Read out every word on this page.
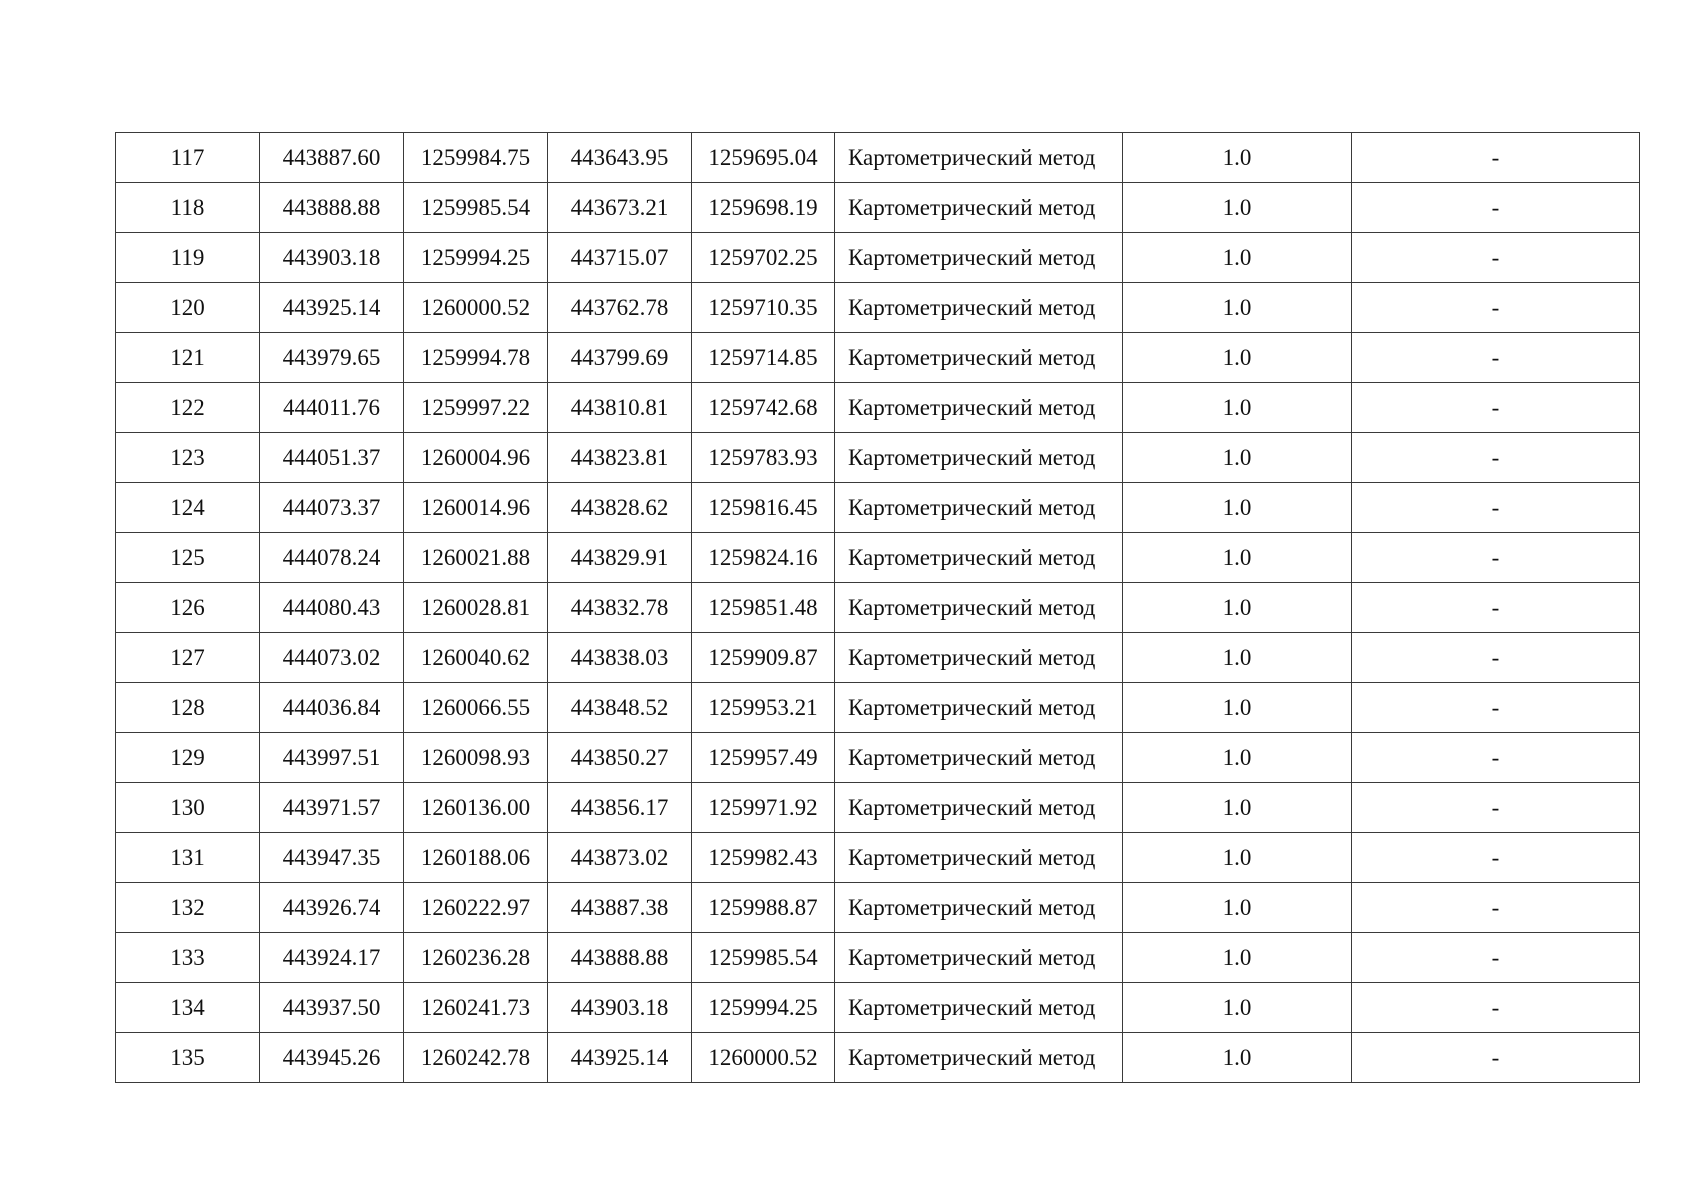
117	443887.60	1259984.75	443643.95	1259695.04	Картометрический метод	1.0	-
118	443888.88	1259985.54	443673.21	1259698.19	Картометрический метод	1.0	-
119	443903.18	1259994.25	443715.07	1259702.25	Картометрический метод	1.0	-
120	443925.14	1260000.52	443762.78	1259710.35	Картометрический метод	1.0	-
121	443979.65	1259994.78	443799.69	1259714.85	Картометрический метод	1.0	-
122	444011.76	1259997.22	443810.81	1259742.68	Картометрический метод	1.0	-
123	444051.37	1260004.96	443823.81	1259783.93	Картометрический метод	1.0	-
124	444073.37	1260014.96	443828.62	1259816.45	Картометрический метод	1.0	-
125	444078.24	1260021.88	443829.91	1259824.16	Картометрический метод	1.0	-
126	444080.43	1260028.81	443832.78	1259851.48	Картометрический метод	1.0	-
127	444073.02	1260040.62	443838.03	1259909.87	Картометрический метод	1.0	-
128	444036.84	1260066.55	443848.52	1259953.21	Картометрический метод	1.0	-
129	443997.51	1260098.93	443850.27	1259957.49	Картометрический метод	1.0	-
130	443971.57	1260136.00	443856.17	1259971.92	Картометрический метод	1.0	-
131	443947.35	1260188.06	443873.02	1259982.43	Картометрический метод	1.0	-
132	443926.74	1260222.97	443887.38	1259988.87	Картометрический метод	1.0	-
133	443924.17	1260236.28	443888.88	1259985.54	Картометрический метод	1.0	-
134	443937.50	1260241.73	443903.18	1259994.25	Картометрический метод	1.0	-
135	443945.26	1260242.78	443925.14	1260000.52	Картометрический метод	1.0	-
